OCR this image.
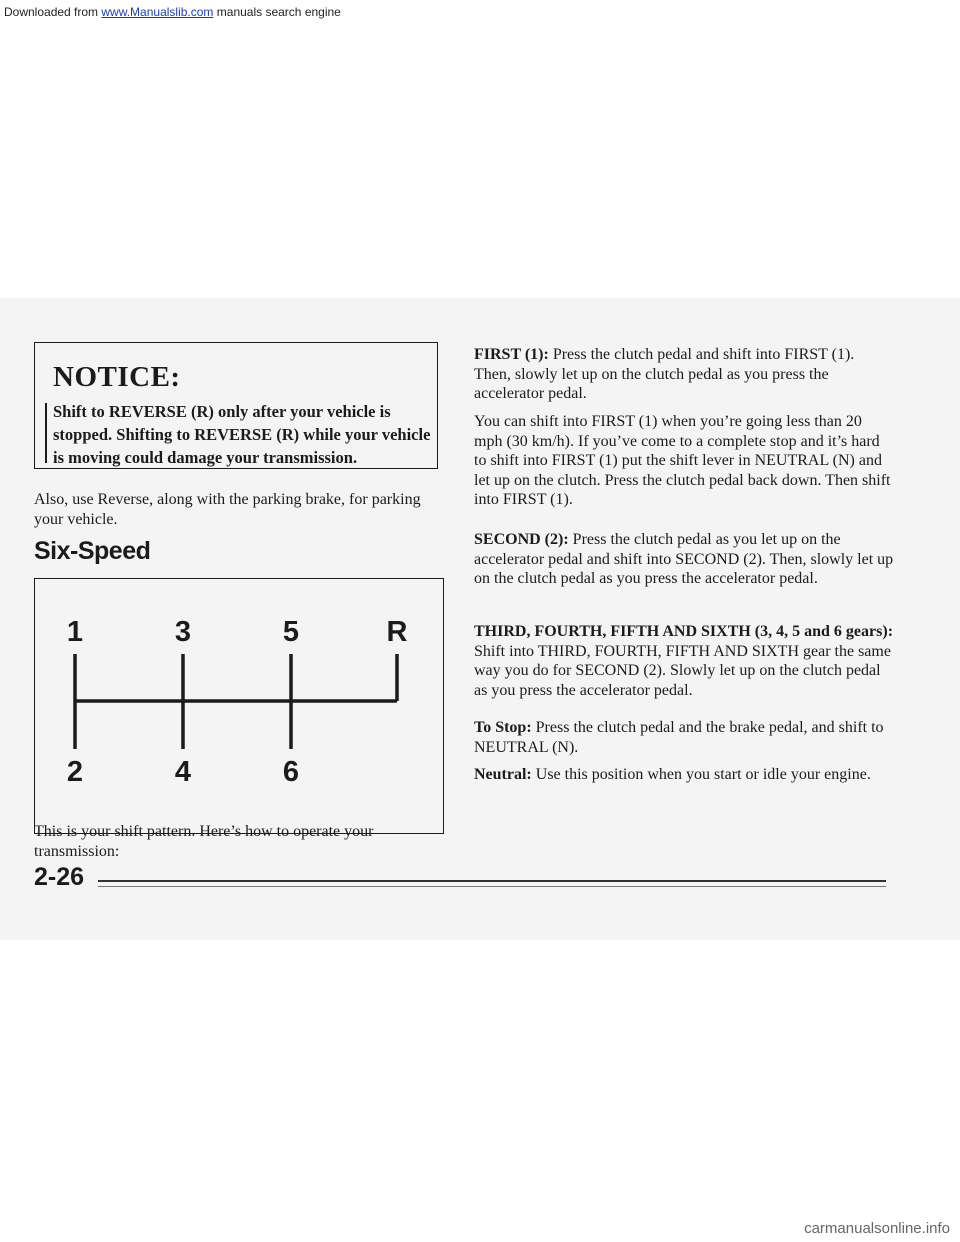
Downloaded from www.Manualslib.com manuals search engine
NOTICE:
Shift to REVERSE (R) only after your vehicle is stopped. Shifting to REVERSE (R) while your vehicle is moving could damage your transmission.

Also, use Reverse, along with the parking brake, for parking your vehicle.

Six-Speed
1	3	5	R
2	4	6

This is your shift pattern. Here’s how to operate your transmission:

FIRST (1): Press the clutch pedal and shift into FIRST (1). Then, slowly let up on the clutch pedal as you press the accelerator pedal.

You can shift into FIRST (1) when you’re going less than 20 mph (30 km/h). If you’ve come to a complete stop and it’s hard to shift into FIRST (1) put the shift lever in NEUTRAL (N) and let up on the clutch. Press the clutch pedal back down. Then shift into FIRST (1).

SECOND (2): Press the clutch pedal as you let up on the accelerator pedal and shift into SECOND (2). Then, slowly let up on the clutch pedal as you press the accelerator pedal.

THIRD, FOURTH, FIFTH AND SIXTH (3, 4, 5 and 6 gears): Shift into THIRD, FOURTH, FIFTH AND SIXTH gear the same way you do for SECOND (2). Slowly let up on the clutch pedal as you press the accelerator pedal.

To Stop: Press the clutch pedal and the brake pedal, and shift to NEUTRAL (N).

Neutral: Use this position when you start or idle your engine.

2-26
carmanualsonline.info
